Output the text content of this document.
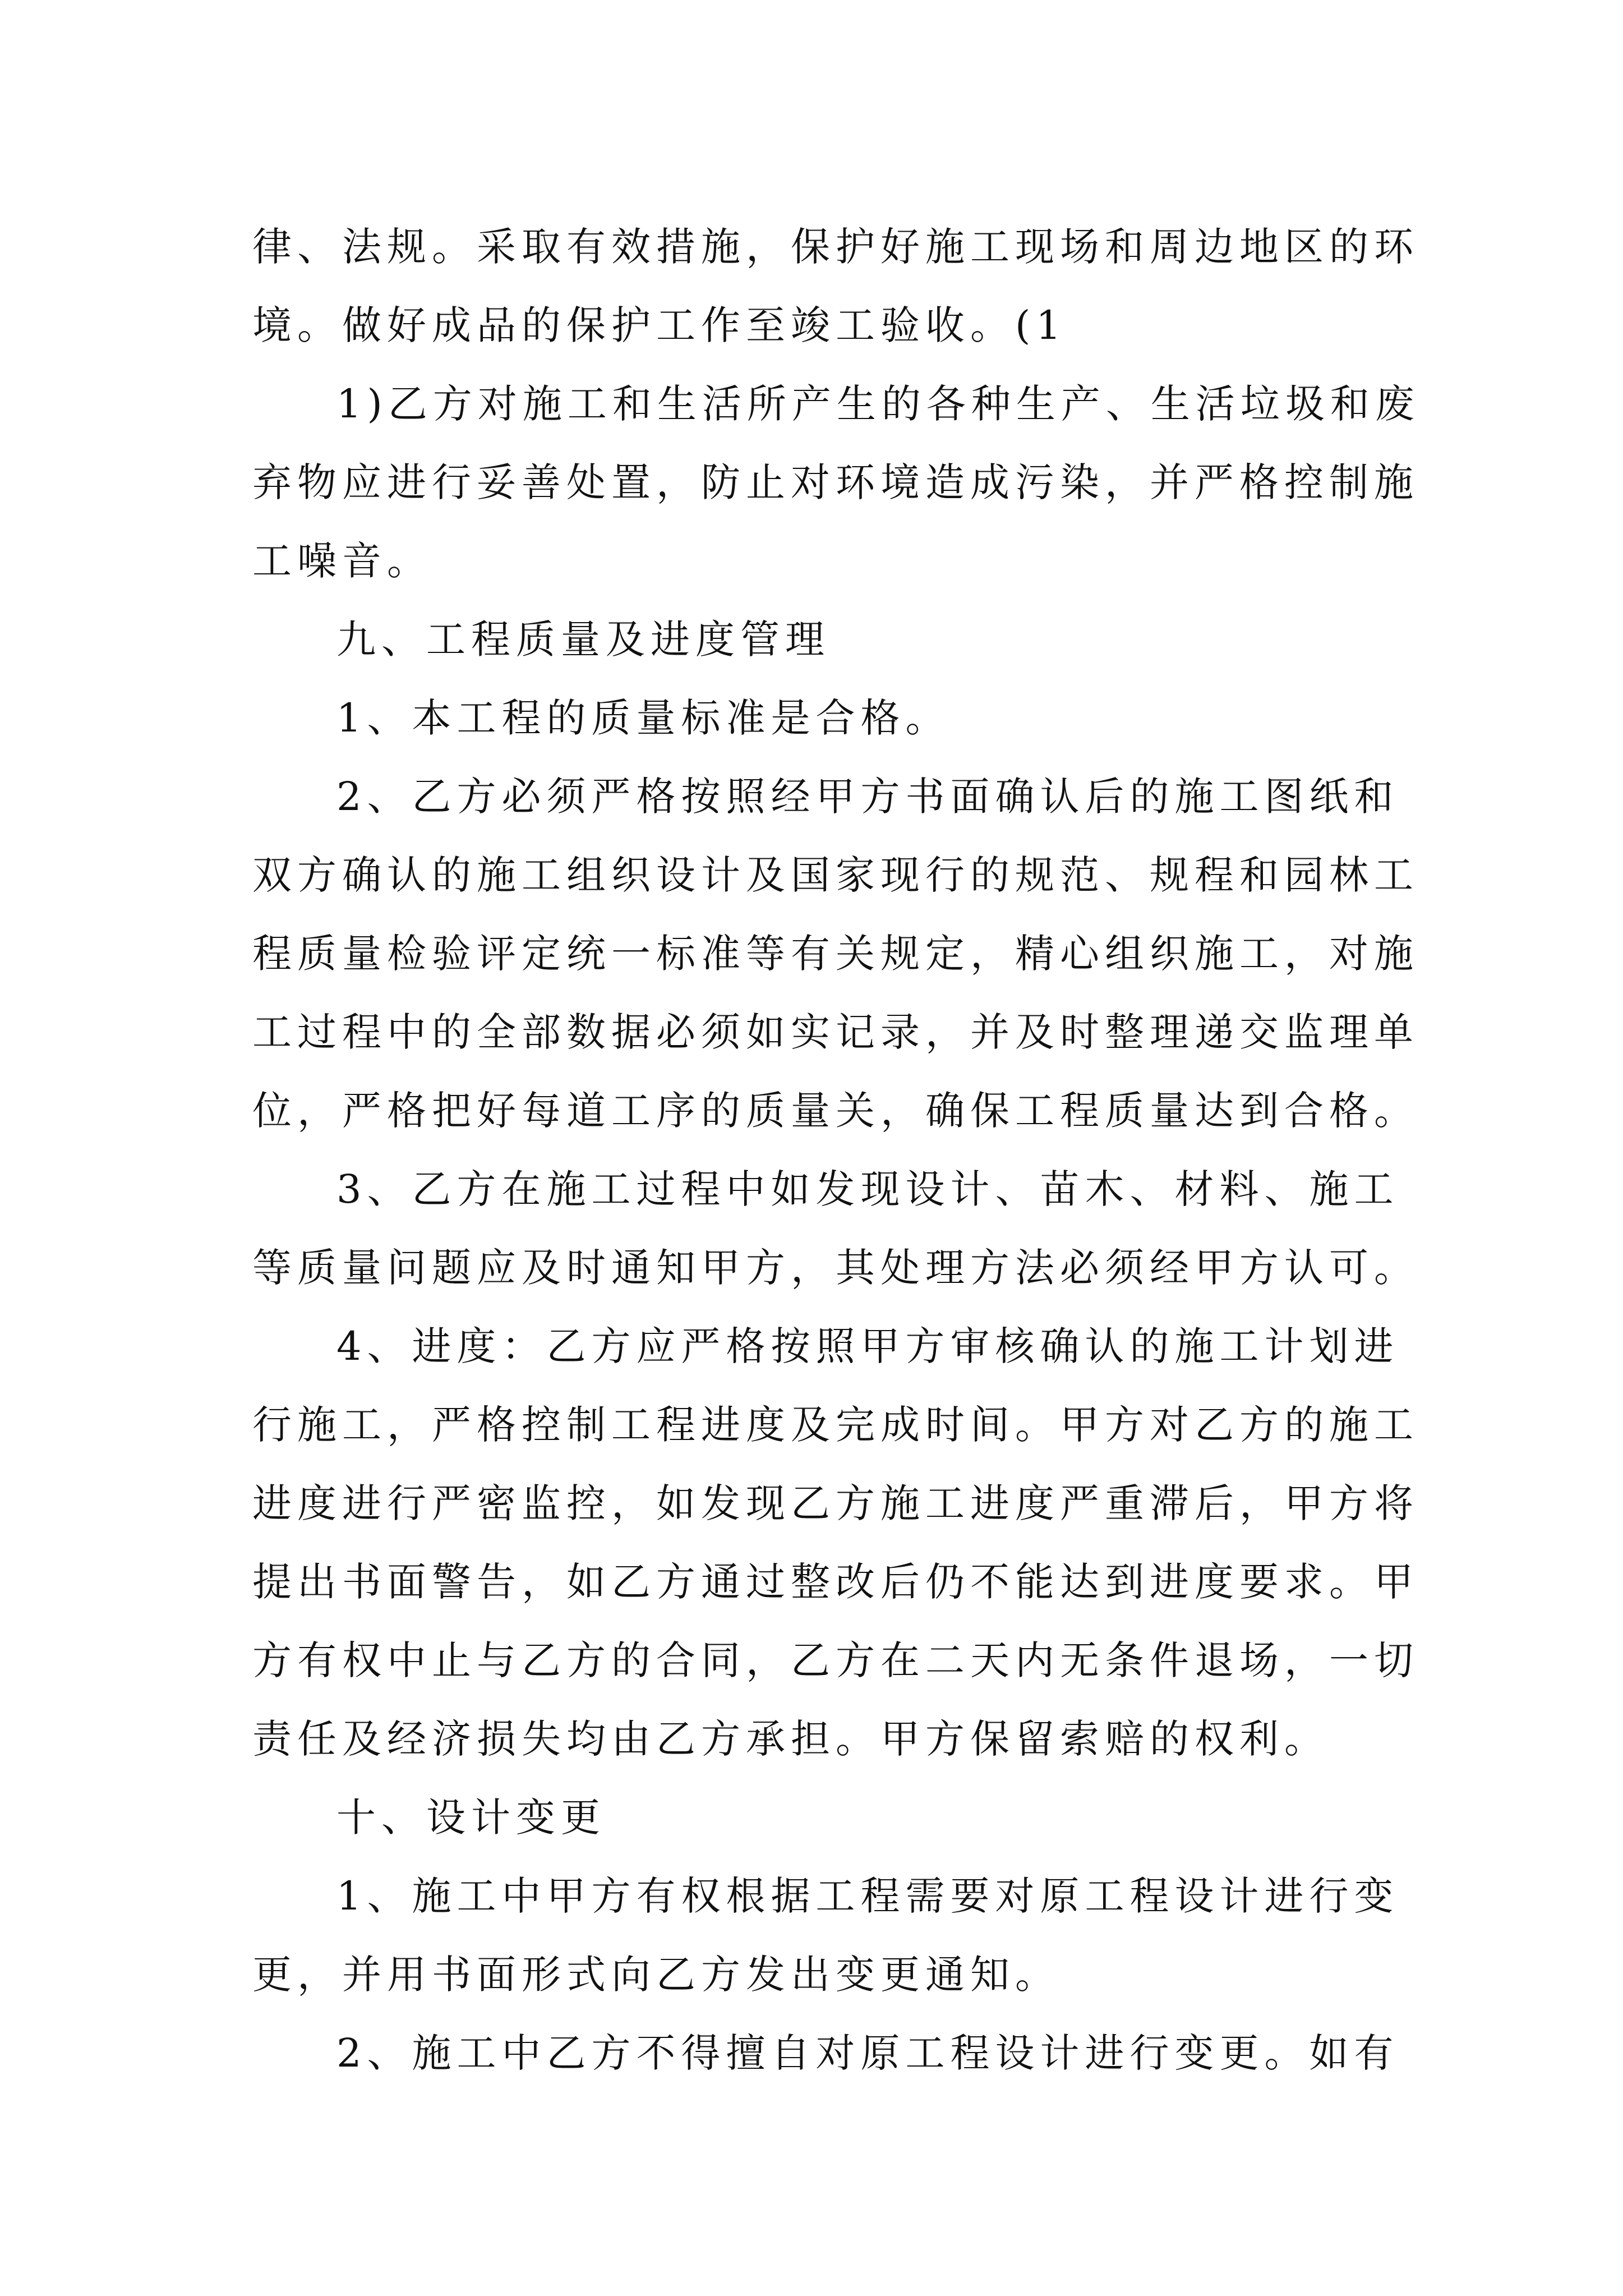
律、法规。采取有效措施，保护好施工现场和周边地区的环
境。做好成品的保护工作至竣工验收。(1
1)乙方对施工和生活所产生的各种生产、生活垃圾和废
弃物应进行妥善处置，防止对环境造成污染，并严格控制施
工噪音。
九、工程质量及进度管理
1、本工程的质量标准是合格。
2、乙方必须严格按照经甲方书面确认后的施工图纸和
双方确认的施工组织设计及国家现行的规范、规程和园林工
程质量检验评定统一标准等有关规定，精心组织施工，对施
工过程中的全部数据必须如实记录，并及时整理递交监理单
位，严格把好每道工序的质量关，确保工程质量达到合格。
3、乙方在施工过程中如发现设计、苗木、材料、施工
等质量问题应及时通知甲方，其处理方法必须经甲方认可。
4、进度：乙方应严格按照甲方审核确认的施工计划进
行施工，严格控制工程进度及完成时间。甲方对乙方的施工
进度进行严密监控，如发现乙方施工进度严重滞后，甲方将
提出书面警告，如乙方通过整改后仍不能达到进度要求。甲
方有权中止与乙方的合同，乙方在二天内无条件退场，一切
责任及经济损失均由乙方承担。甲方保留索赔的权利。
十、设计变更
1、施工中甲方有权根据工程需要对原工程设计进行变
更，并用书面形式向乙方发出变更通知。
2、施工中乙方不得擅自对原工程设计进行变更。如有
